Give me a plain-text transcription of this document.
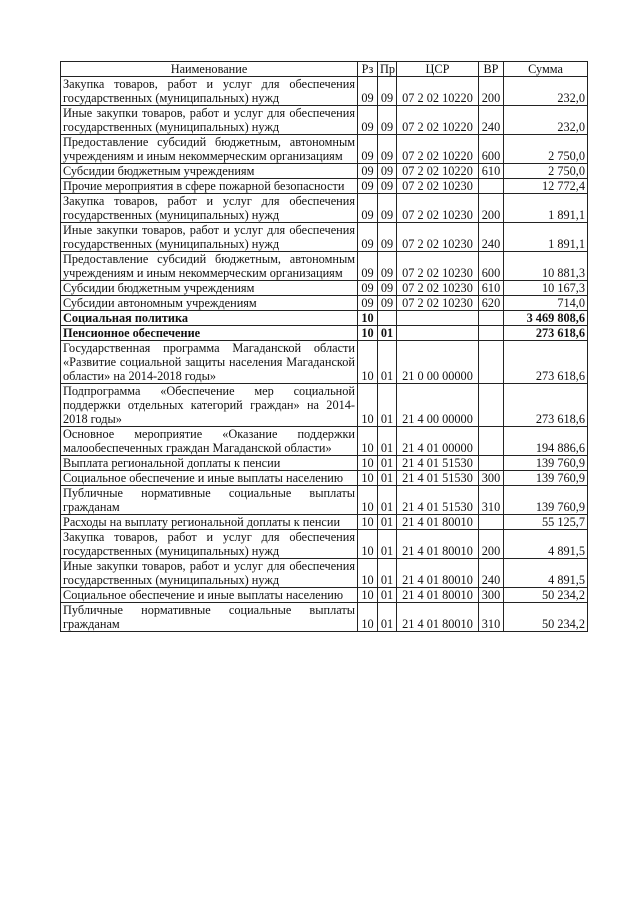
Наименование	Рз	Пр	ЦСР	ВР	Сумма
Закупка товаров, работ и услуг для обеспечения государственных (муниципальных) нужд	09	09	07 2 02 10220	200	232,0
Иные закупки товаров, работ и услуг для обеспечения государственных (муниципальных) нужд	09	09	07 2 02 10220	240	232,0
Предоставление субсидий бюджетным, автономным учреждениям и иным некоммерческим организациям	09	09	07 2 02 10220	600	2 750,0
Субсидии бюджетным учреждениям	09	09	07 2 02 10220	610	2 750,0
Прочие мероприятия в сфере пожарной безопасности	09	09	07 2 02 10230		12 772,4
Закупка товаров, работ и услуг для обеспечения государственных (муниципальных) нужд	09	09	07 2 02 10230	200	1 891,1
Иные закупки товаров, работ и услуг для обеспечения государственных (муниципальных) нужд	09	09	07 2 02 10230	240	1 891,1
Предоставление субсидий бюджетным, автономным учреждениям и иным некоммерческим организациям	09	09	07 2 02 10230	600	10 881,3
Субсидии бюджетным учреждениям	09	09	07 2 02 10230	610	10 167,3
Субсидии автономным учреждениям	09	09	07 2 02 10230	620	714,0
Социальная политика	10				3 469 808,6
Пенсионное обеспечение	10	01			273 618,6
Государственная программа Магаданской области «Развитие социальной защиты населения Магаданской области» на 2014-2018 годы»	10	01	21 0 00 00000		273 618,6
Подпрограмма «Обеспечение мер социальной поддержки отдельных категорий граждан» на 2014-2018 годы»	10	01	21 4 00 00000		273 618,6
Основное мероприятие «Оказание поддержки малообеспеченных граждан Магаданской области»	10	01	21 4 01 00000		194 886,6
Выплата региональной доплаты к пенсии	10	01	21 4 01 51530		139 760,9
Социальное обеспечение и иные выплаты населению	10	01	21 4 01 51530	300	139 760,9
Публичные нормативные социальные выплаты гражданам	10	01	21 4 01 51530	310	139 760,9
Расходы на выплату региональной доплаты к пенсии	10	01	21 4 01 80010		55 125,7
Закупка товаров, работ и услуг для обеспечения государственных (муниципальных) нужд	10	01	21 4 01 80010	200	4 891,5
Иные закупки товаров, работ и услуг для обеспечения государственных (муниципальных) нужд	10	01	21 4 01 80010	240	4 891,5
Социальное обеспечение и иные выплаты населению	10	01	21 4 01 80010	300	50 234,2
Публичные нормативные социальные выплаты гражданам	10	01	21 4 01 80010	310	50 234,2
